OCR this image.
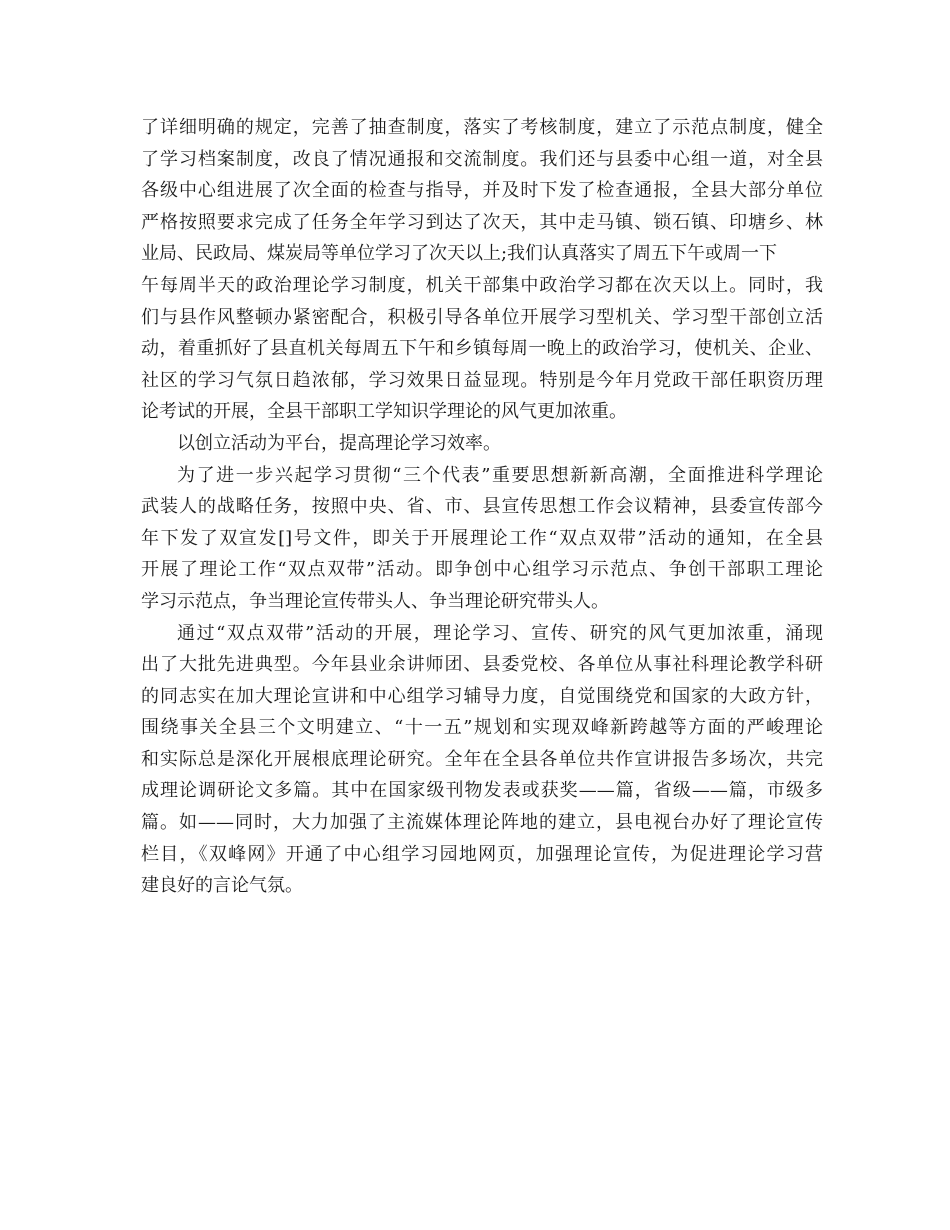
了详细明确的规定，完善了抽查制度，落实了考核制度，建立了示范点制度，健全
了学习档案制度，改良了情况通报和交流制度。我们还与县委中心组一道，对全县
各级中心组进展了次全面的检查与指导，并及时下发了检查通报，全县大部分单位
严格按照要求完成了任务全年学习到达了次天，其中走马镇、锁石镇、印塘乡、林
业局、民政局、煤炭局等单位学习了次天以上;我们认真落实了周五下午或周一下
午每周半天的政治理论学习制度，机关干部集中政治学习都在次天以上。同时，我
们与县作风整顿办紧密配合，积极引导各单位开展学习型机关、学习型干部创立活
动，着重抓好了县直机关每周五下午和乡镇每周一晚上的政治学习，使机关、企业、
社区的学习气氛日趋浓郁，学习效果日益显现。特别是今年月党政干部任职资历理
论考试的开展，全县干部职工学知识学理论的风气更加浓重。
以创立活动为平台，提高理论学习效率。
为了进一步兴起学习贯彻“三个代表”重要思想新新高潮，全面推进科学理论
武装人的战略任务，按照中央、省、市、县宣传思想工作会议精神，县委宣传部今
年下发了双宣发[]号文件，即关于开展理论工作“双点双带”活动的通知，在全县
开展了理论工作“双点双带”活动。即争创中心组学习示范点、争创干部职工理论
学习示范点，争当理论宣传带头人、争当理论研究带头人。
通过“双点双带”活动的开展，理论学习、宣传、研究的风气更加浓重，涌现
出了大批先进典型。今年县业余讲师团、县委党校、各单位从事社科理论教学科研
的同志实在加大理论宣讲和中心组学习辅导力度，自觉围绕党和国家的大政方针，
围绕事关全县三个文明建立、“十一五”规划和实现双峰新跨越等方面的严峻理论
和实际总是深化开展根底理论研究。全年在全县各单位共作宣讲报告多场次，共完
成理论调研论文多篇。其中在国家级刊物发表或获奖——篇，省级——篇，市级多
篇。如——同时，大力加强了主流媒体理论阵地的建立，县电视台办好了理论宣传
栏目，《双峰网》开通了中心组学习园地网页，加强理论宣传，为促进理论学习营
建良好的言论气氛。
